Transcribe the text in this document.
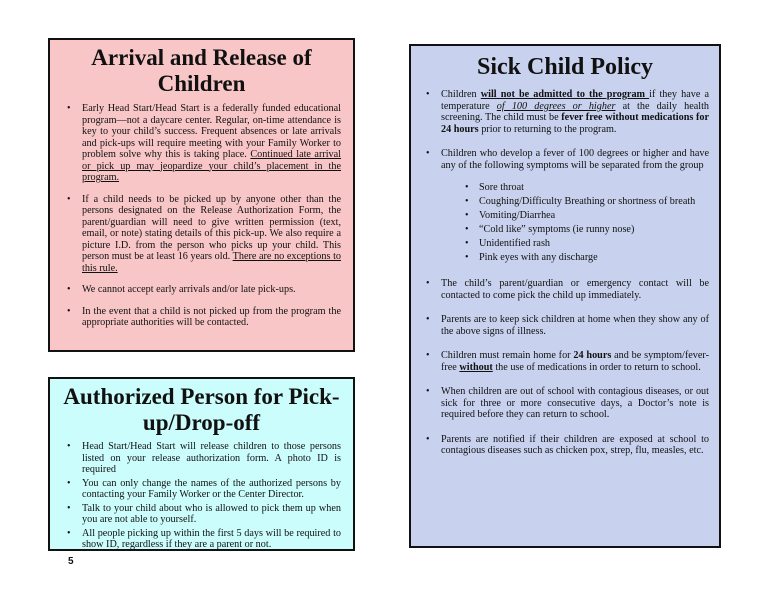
Arrival and Release of Children
• Early Head Start/Head Start is a federally funded educational program—not a daycare center. Regular, on-time attendance is key to your child’s success. Frequent absences or late arrivals and pick-ups will require meeting with your Family Worker to problem solve why this is taking place. Continued late arrival or pick up may jeopardize your child’s placement in the program.
• If a child needs to be picked up by anyone other than the persons designated on the Release Authorization Form, the parent/guardian will need to give written permission (text, email, or note) stating details of this pick-up. We also require a picture I.D. from the person who picks up your child. This person must be at least 16 years old. There are no exceptions to this rule.
• We cannot accept early arrivals and/or late pick-ups.
• In the event that a child is not picked up from the program the appropriate authorities will be contacted.
Authorized Person for Pick-up/Drop-off
• Head Start/Head Start will release children to those persons listed on your release authorization form. A photo ID is required
• You can only change the names of the authorized persons by contacting your Family Worker or the Center Director.
• Talk to your child about who is allowed to pick them up when you are not able to yourself.
• All people picking up within the first 5 days will be required to show ID, regardless if they are a parent or not.
Sick Child Policy
• Children will not be admitted to the program if they have a temperature of 100 degrees or higher at the daily health screening. The child must be fever free without medications for 24 hours prior to returning to the program.
• Children who develop a fever of 100 degrees or higher and have any of the following symptoms will be separated from the group
• Sore throat
• Coughing/Difficulty Breathing or shortness of breath
• Vomiting/Diarrhea
• “Cold like” symptoms (ie runny nose)
• Unidentified rash
• Pink eyes with any discharge
• The child’s parent/guardian or emergency contact will be contacted to come pick the child up immediately.
• Parents are to keep sick children at home when they show any of the above signs of illness.
• Children must remain home for 24 hours and be symptom/fever-free without the use of medications in order to return to school.
• When children are out of school with contagious diseases, or out sick for three or more consecutive days, a Doctor’s note is required before they can return to school.
• Parents are notified if their children are exposed at school to contagious diseases such as chicken pox, strep, flu, measles, etc.
5
